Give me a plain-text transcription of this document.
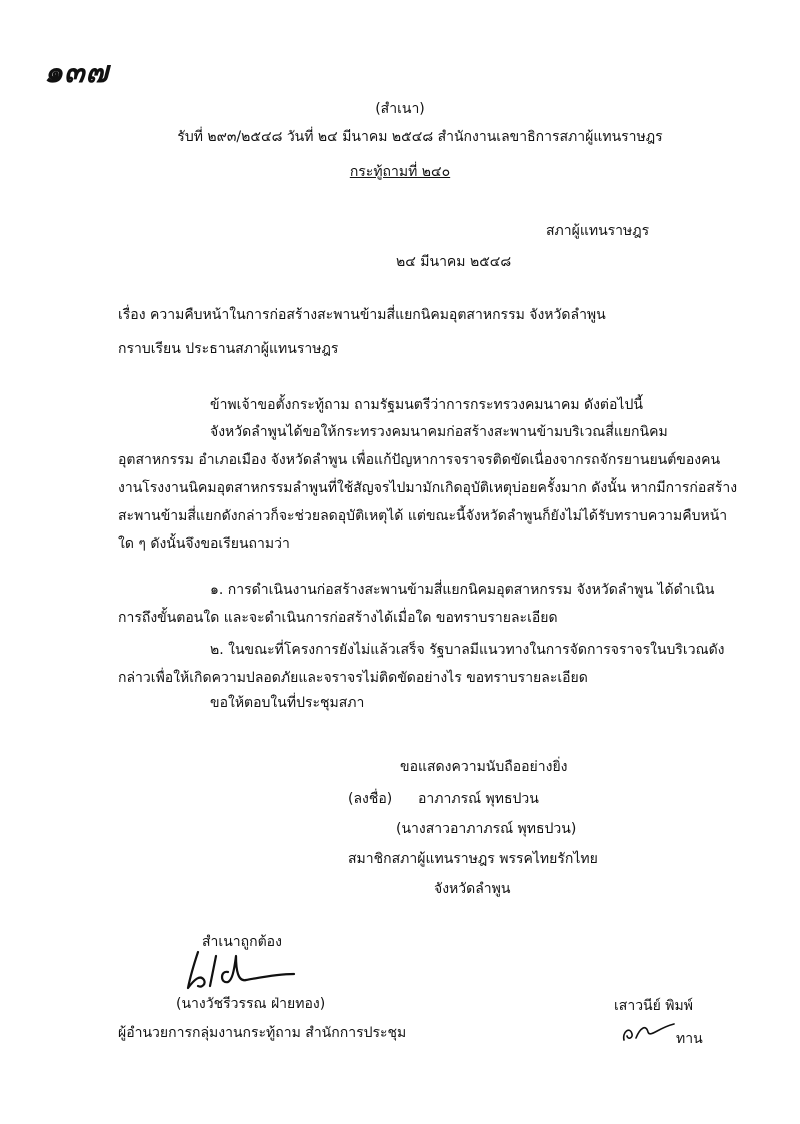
๑๓๗
(สำเนา)
รับที่ ๒๙๓/๒๕๔๘ วันที่ ๒๔ มีนาคม ๒๕๔๘ สำนักงานเลขาธิการสภาผู้แทนราษฎร
กระทู้ถามที่ ๒๔๐
สภาผู้แทนราษฎร
๒๔ มีนาคม ๒๕๔๘
เรื่อง ความคืบหน้าในการก่อสร้างสะพานข้ามสี่แยกนิคมอุตสาหกรรม จังหวัดลำพูน
กราบเรียน ประธานสภาผู้แทนราษฎร
ข้าพเจ้าขอตั้งกระทู้ถาม ถามรัฐมนตรีว่าการกระทรวงคมนาคม ดังต่อไปนี้
จังหวัดลำพูนได้ขอให้กระทรวงคมนาคมก่อสร้างสะพานข้ามบริเวณสี่แยกนิคมอุตสาหกรรม อำเภอเมือง จังหวัดลำพูน เพื่อแก้ปัญหาการจราจรติดขัดเนื่องจากรถจักรยานยนต์ของคนงานโรงงานนิคมอุตสาหกรรมลำพูนที่ใช้สัญจรไปมามักเกิดอุบัติเหตุบ่อยครั้งมาก ดังนั้น หากมีการก่อสร้างสะพานข้ามสี่แยกดังกล่าวก็จะช่วยลดอุบัติเหตุได้ แต่ขณะนี้จังหวัดลำพูนก็ยังไม่ได้รับทราบความคืบหน้าใด ๆ ดังนั้นจึงขอเรียนถามว่า
๑. การดำเนินงานก่อสร้างสะพานข้ามสี่แยกนิคมอุตสาหกรรม จังหวัดลำพูน ได้ดำเนินการถึงขั้นตอนใด และจะดำเนินการก่อสร้างได้เมื่อใด ขอทราบรายละเอียด
๒. ในขณะที่โครงการยังไม่แล้วเสร็จ รัฐบาลมีแนวทางในการจัดการจราจรในบริเวณดังกล่าวเพื่อให้เกิดความปลอดภัยและจราจรไม่ติดขัดอย่างไร ขอทราบรายละเอียด
ขอให้ตอบในที่ประชุมสภา
ขอแสดงความนับถืออย่างยิ่ง
(ลงชื่อ) อาภาภรณ์ พุทธปวน
(นางสาวอาภาภรณ์ พุทธปวน)
สมาชิกสภาผู้แทนราษฎร พรรคไทยรักไทย
จังหวัดลำพูน
สำเนาถูกต้อง
(นางวัชรีวรรณ ฝ่ายทอง)
ผู้อำนวยการกลุ่มงานกระทู้ถาม สำนักการประชุม
เสาวนีย์ พิมพ์
ทาน
